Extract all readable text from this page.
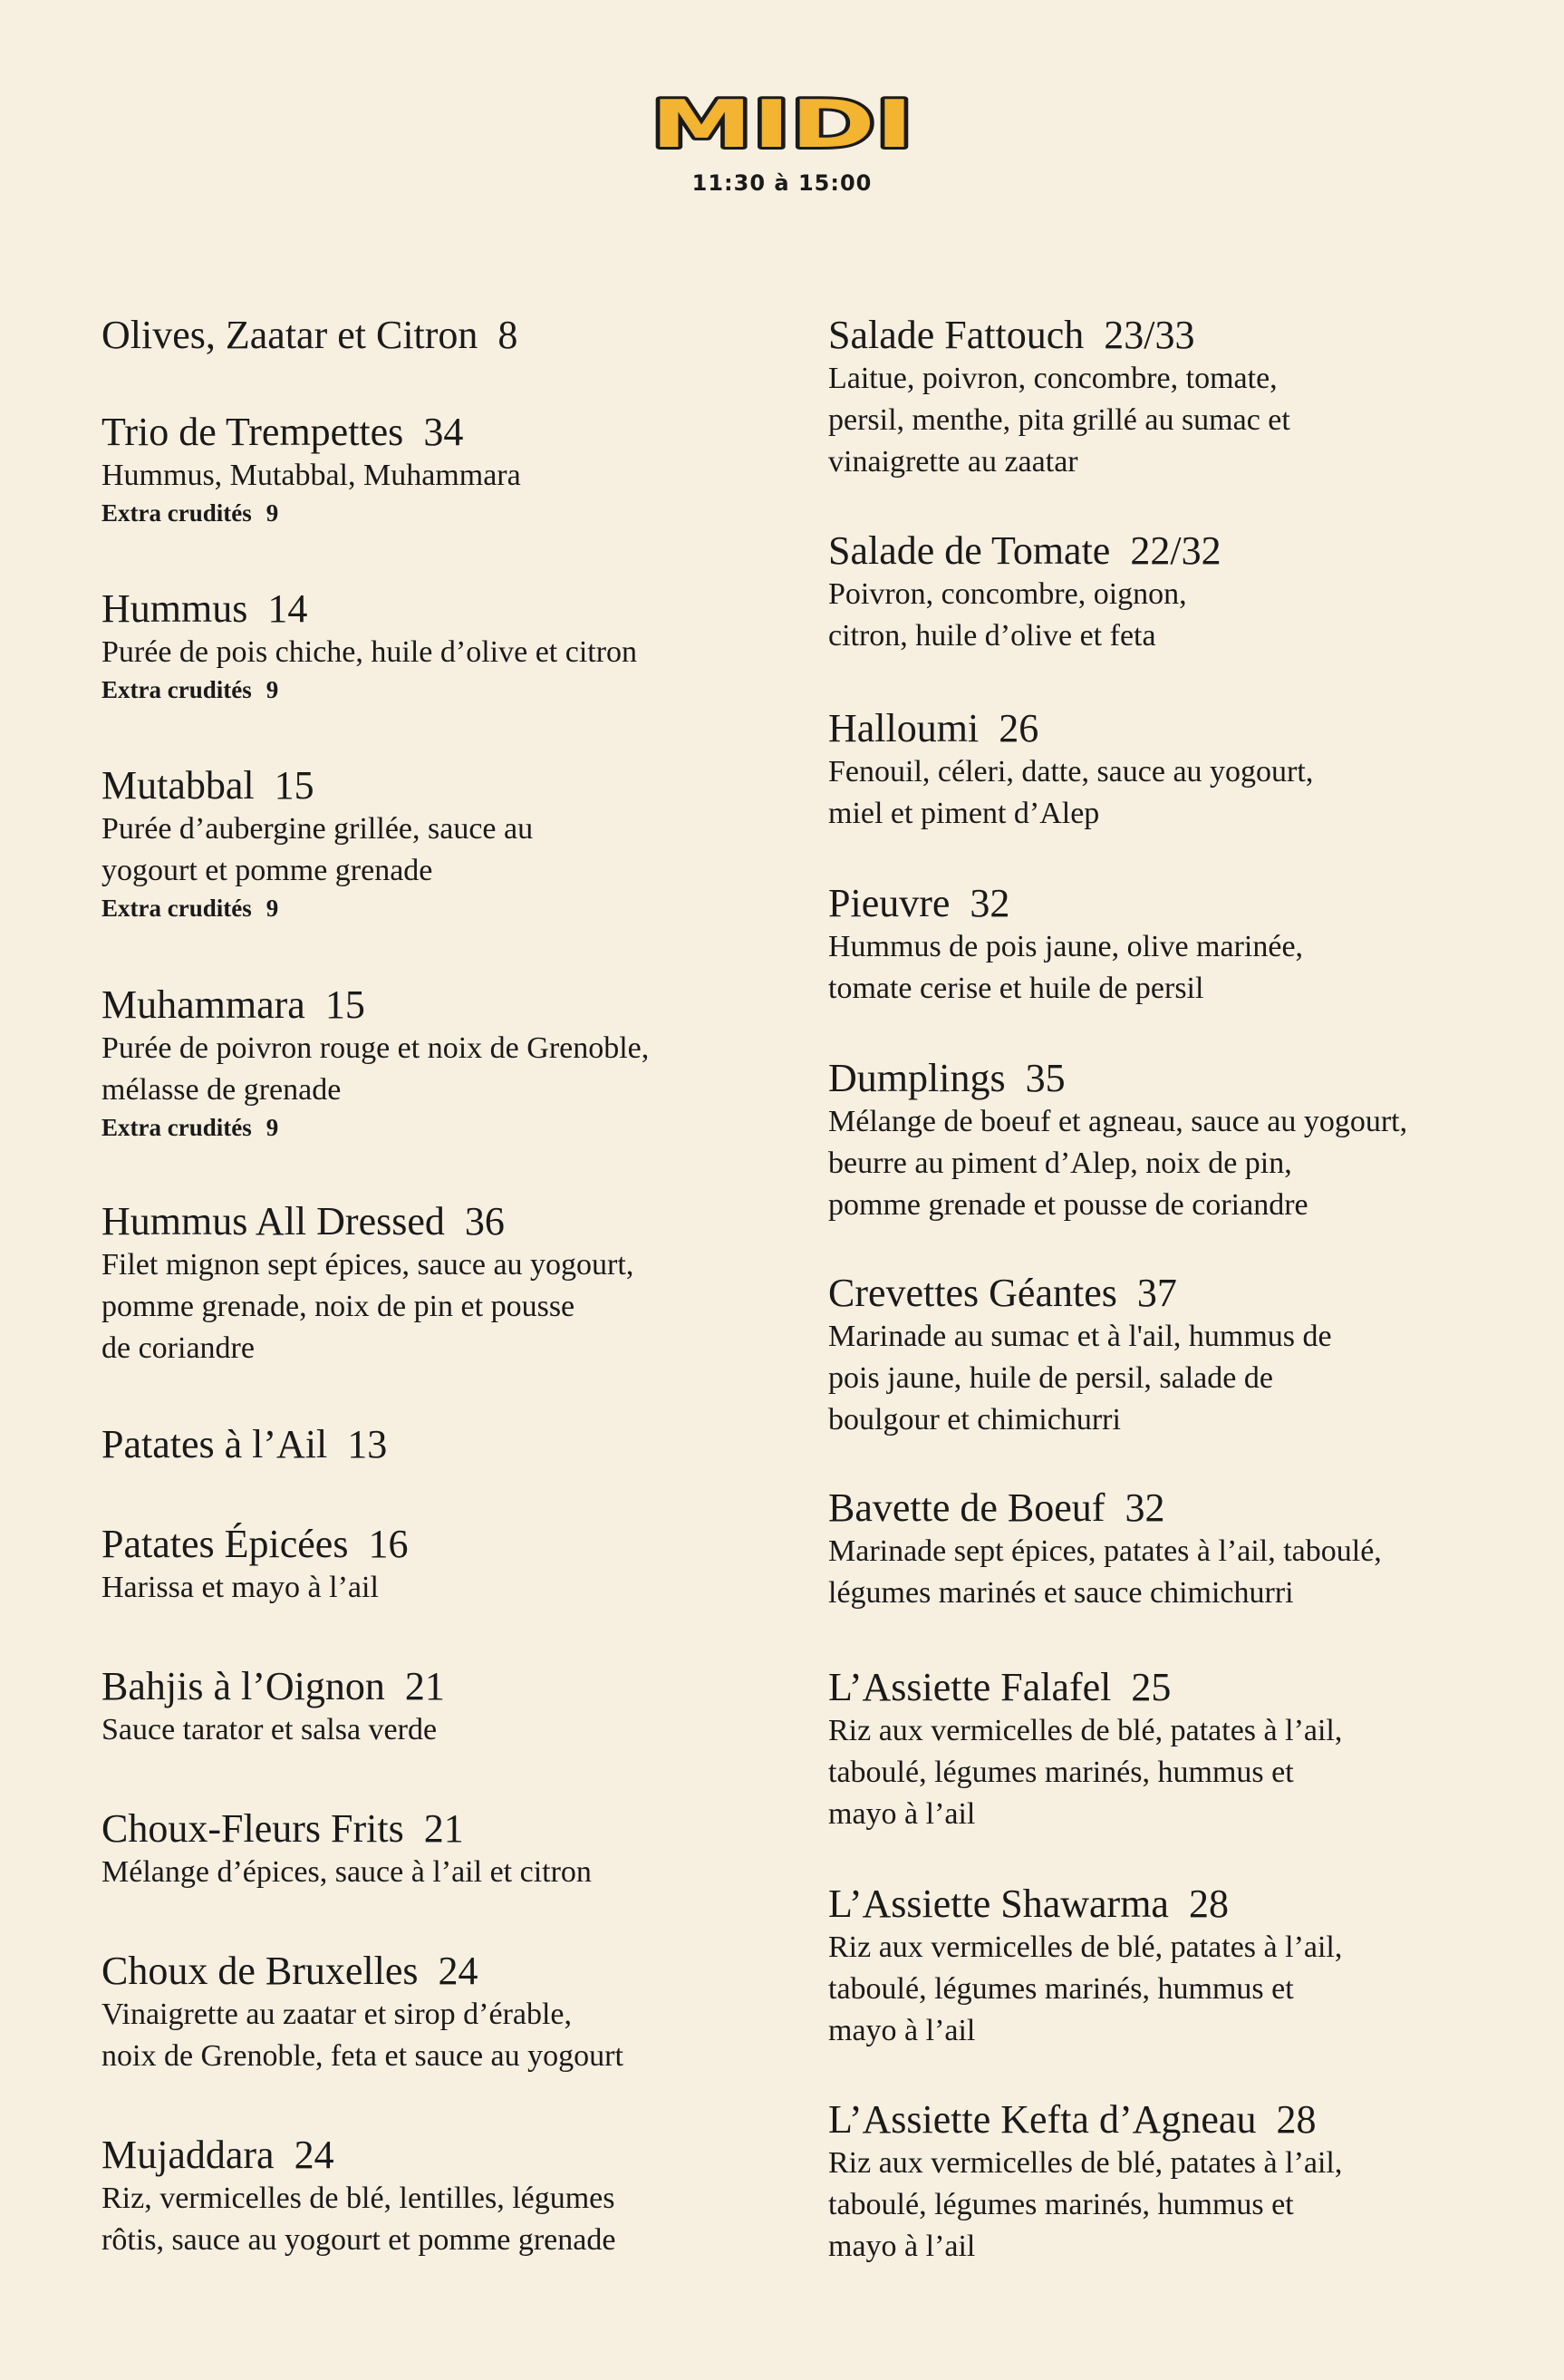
MIDI
11:30 à 15:00
Olives, Zaatar et Citron 8
Trio de Trempettes 34
Hummus, Mutabbal, Muhammara
Extra crudités 9
Hummus 14
Purée de pois chiche, huile d’olive et citron
Extra crudités 9
Mutabbal 15
Purée d’aubergine grillée, sauce au
yogourt et pomme grenade
Extra crudités 9
Muhammara 15
Purée de poivron rouge et noix de Grenoble,
mélasse de grenade
Extra crudités 9
Hummus All Dressed 36
Filet mignon sept épices, sauce au yogourt,
pomme grenade, noix de pin et pousse
de coriandre
Patates à l’Ail 13
Patates Épicées 16
Harissa et mayo à l’ail
Bahjis à l’Oignon 21
Sauce tarator et salsa verde
Choux-Fleurs Frits 21
Mélange d’épices, sauce à l’ail et citron
Choux de Bruxelles 24
Vinaigrette au zaatar et sirop d’érable,
noix de Grenoble, feta et sauce au yogourt
Mujaddara 24
Riz, vermicelles de blé, lentilles, légumes
rôtis, sauce au yogourt et pomme grenade
Salade Fattouch 23/33
Laitue, poivron, concombre, tomate,
persil, menthe, pita grillé au sumac et
vinaigrette au zaatar
Salade de Tomate 22/32
Poivron, concombre, oignon,
citron, huile d’olive et feta
Halloumi 26
Fenouil, céleri, datte, sauce au yogourt,
miel et piment d’Alep
Pieuvre 32
Hummus de pois jaune, olive marinée,
tomate cerise et huile de persil
Dumplings 35
Mélange de boeuf et agneau, sauce au yogourt,
beurre au piment d’Alep, noix de pin,
pomme grenade et pousse de coriandre
Crevettes Géantes 37
Marinade au sumac et à l'ail, hummus de
pois jaune, huile de persil, salade de
boulgour et chimichurri
Bavette de Boeuf 32
Marinade sept épices, patates à l’ail, taboulé,
légumes marinés et sauce chimichurri
L’Assiette Falafel 25
Riz aux vermicelles de blé, patates à l’ail,
taboulé, légumes marinés, hummus et
mayo à l’ail
L’Assiette Shawarma 28
Riz aux vermicelles de blé, patates à l’ail,
taboulé, légumes marinés, hummus et
mayo à l’ail
L’Assiette Kefta d’Agneau 28
Riz aux vermicelles de blé, patates à l’ail,
taboulé, légumes marinés, hummus et
mayo à l’ail
